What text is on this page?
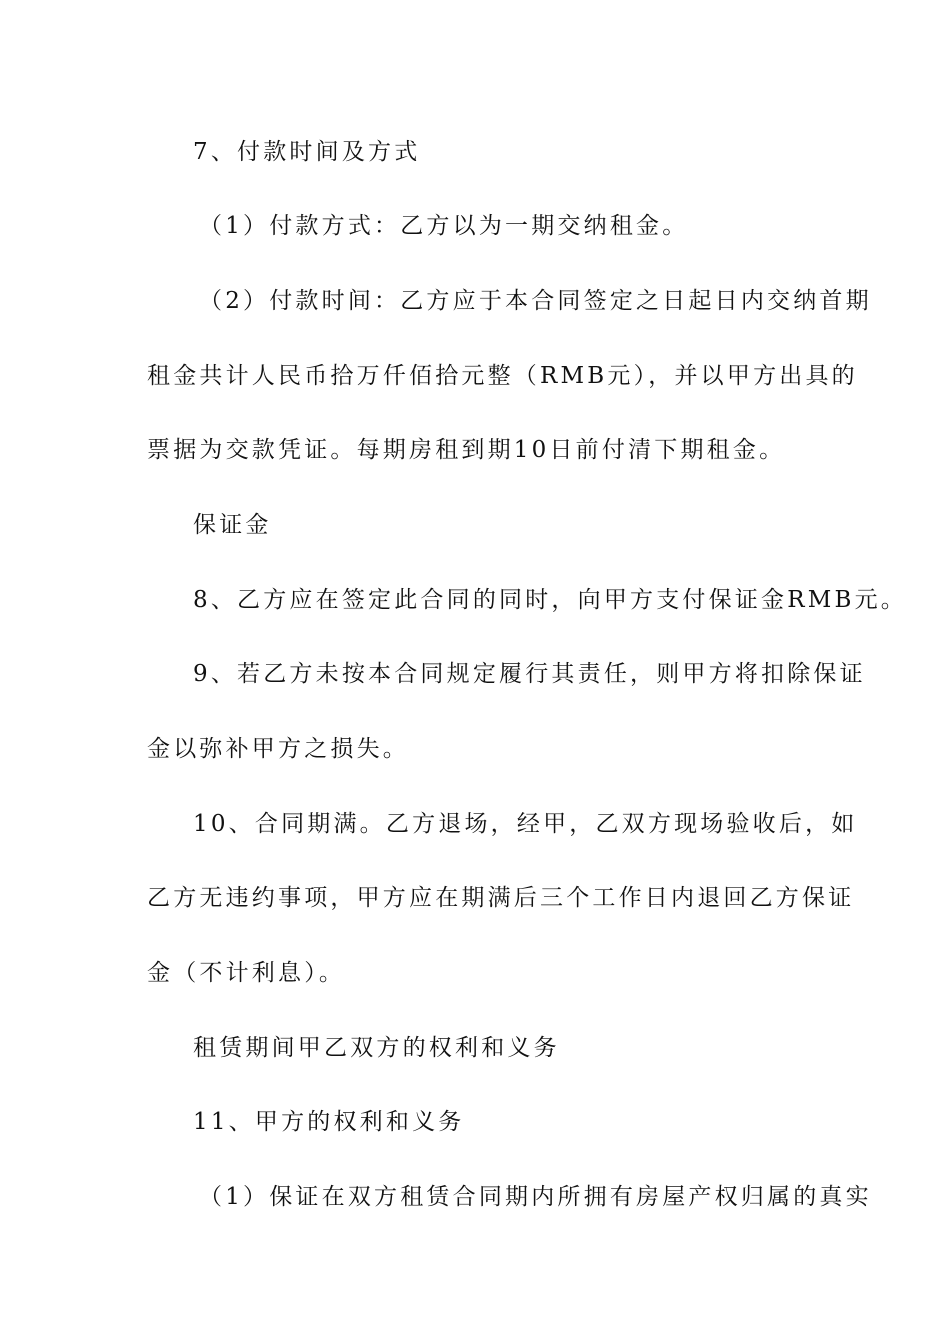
7、付款时间及方式
（1）付款方式：乙方以为一期交纳租金。
（2）付款时间：乙方应于本合同签定之日起日内交纳首期
租金共计人民币拾万仟佰拾元整（RMB元），并以甲方出具的
票据为交款凭证。每期房租到期10日前付清下期租金。
保证金
8、乙方应在签定此合同的同时，向甲方支付保证金RMB元。
9、若乙方未按本合同规定履行其责任，则甲方将扣除保证
金以弥补甲方之损失。
10、合同期满。乙方退场，经甲，乙双方现场验收后，如
乙方无违约事项，甲方应在期满后三个工作日内退回乙方保证
金（不计利息）。
租赁期间甲乙双方的权利和义务
11、甲方的权利和义务
（1）保证在双方租赁合同期内所拥有房屋产权归属的真实
